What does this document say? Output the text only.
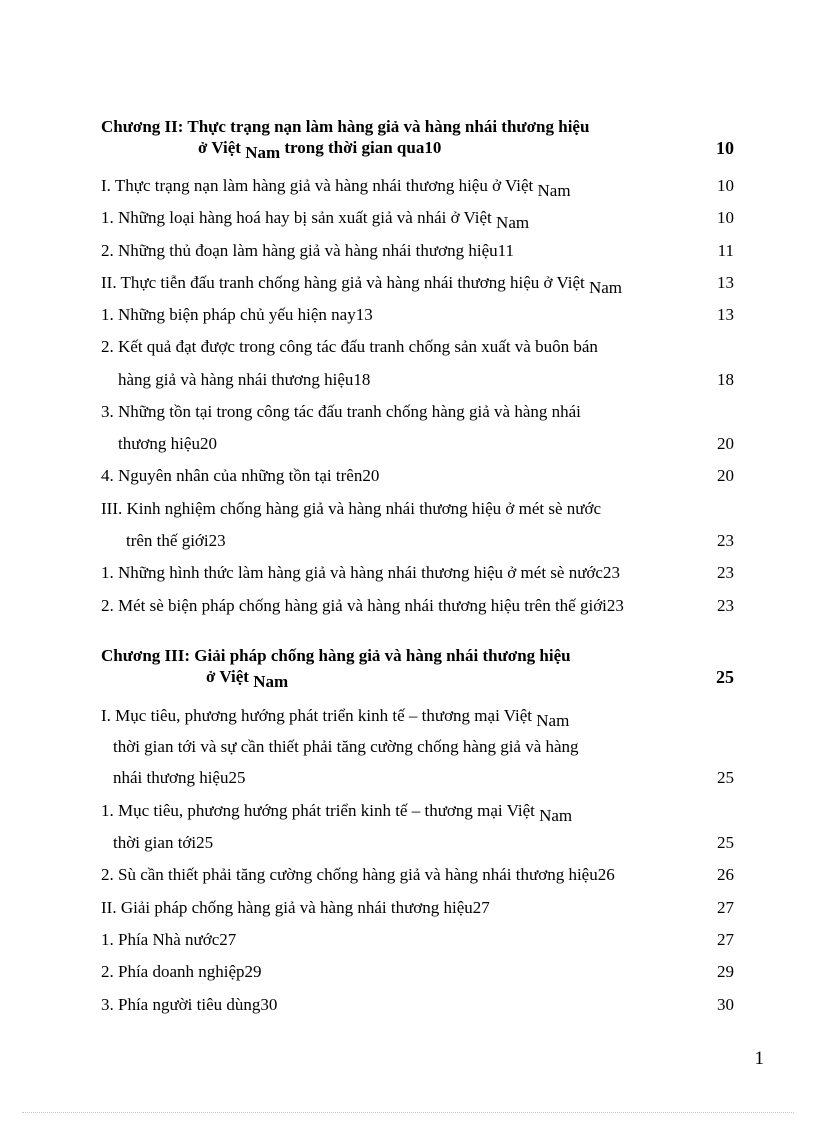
Chương II: Thực trạng nạn làm hàng giả và hàng nhái thương hiệu
ở Việt Nam trong thời gian qua10	10
I. Thực trạng nạn làm hàng giả và hàng nhái thương hiệu ở Việt Nam	10
1. Những loại hàng hoá hay bị sản xuất giả và nhái ở Việt Nam	10
2. Những thủ đoạn làm hàng giả và hàng nhái thương hiệu11	11
II. Thực tiễn đấu tranh chống hàng giả và hàng nhái thương hiệu ở Việt Nam	13
1. Những biện pháp chủ yếu hiện nay13	13
2. Kết quả đạt được trong công tác đấu tranh chống sản xuất và buôn bán
hàng giả và hàng nhái thương hiệu18	18
3. Những tồn tại trong công tác đấu tranh chống hàng giả và hàng nhái
thương hiệu20	20
4. Nguyên nhân của những tồn tại trên20	20
III. Kinh nghiệm chống hàng giả và hàng nhái thương hiệu ở mét sè nước
trên thế giới23	23
1. Những hình thức làm hàng giả và hàng nhái thương hiệu ở mét sè nước23	23
2. Mét sè biện pháp chống hàng giả và hàng nhái thương hiệu trên thế giới23	23
Chương III: Giải pháp chống hàng giả và hàng nhái thương hiệu
ở Việt Nam	25
I. Mục tiêu, phương hướng phát triển kinh tế – thương mại Việt Nam
thời gian tới và sự cần thiết phải tăng cường chống hàng giả và hàng
nhái thương hiệu25	25
1. Mục tiêu, phương hướng phát triển kinh tế – thương mại Việt Nam
thời gian tới25	25
2. Sù cần thiết phải tăng cường chống hàng giả và hàng nhái thương hiệu26	26
II. Giải pháp chống hàng giả và hàng nhái thương hiệu27	27
1. Phía Nhà nước27	27
2. Phía doanh nghiệp29	29
3. Phía người tiêu dùng30	30
1
